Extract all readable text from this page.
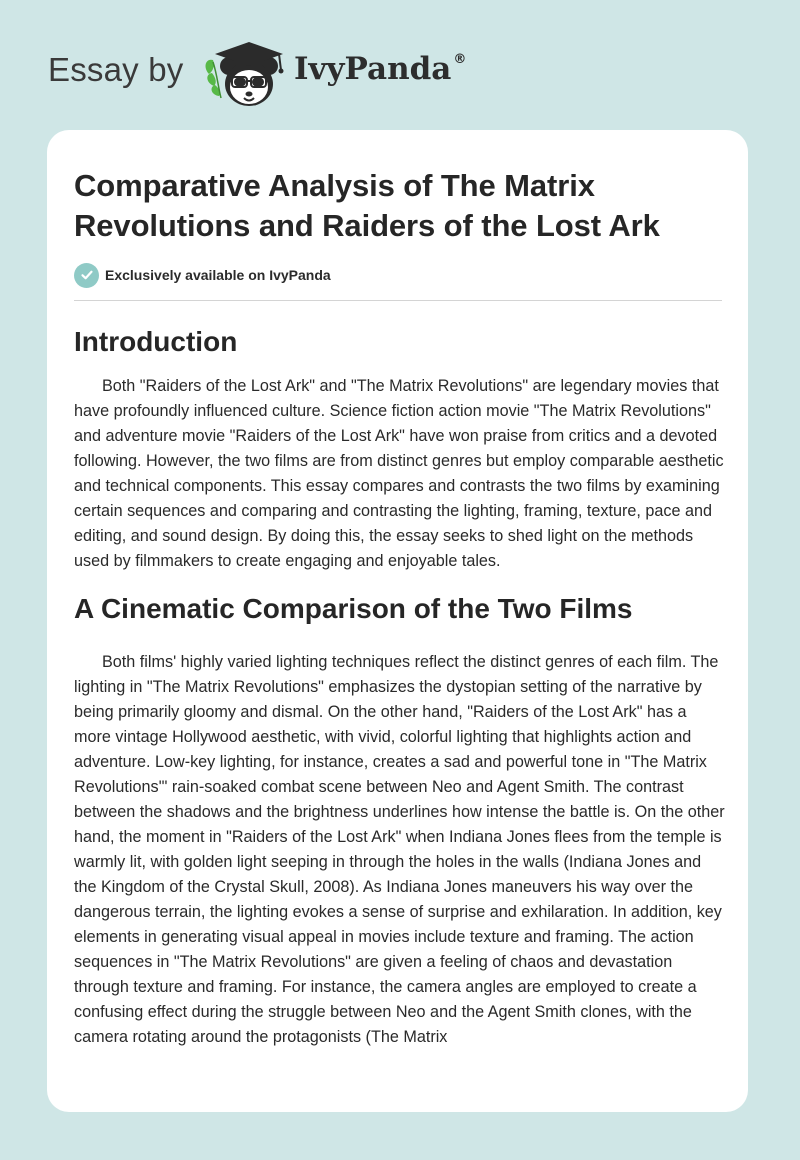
Essay by	IvyPanda ®
Comparative Analysis of The Matrix Revolutions and Raiders of the Lost Ark
Exclusively available on IvyPanda
Introduction

Both "Raiders of the Lost Ark" and "The Matrix Revolutions" are legendary movies that have profoundly influenced culture. Science fiction action movie "The Matrix Revolutions" and adventure movie "Raiders of the Lost Ark" have won praise from critics and a devoted following. However, the two films are from distinct genres but employ comparable aesthetic and technical components. This essay compares and contrasts the two films by examining certain sequences and comparing and contrasting the lighting, framing, texture, pace and editing, and sound design. By doing this, the essay seeks to shed light on the methods used by filmmakers to create engaging and enjoyable tales.

A Cinematic Comparison of the Two Films

Both films' highly varied lighting techniques reflect the distinct genres of each film. The lighting in "The Matrix Revolutions" emphasizes the dystopian setting of the narrative by being primarily gloomy and dismal. On the other hand, "Raiders of the Lost Ark" has a more vintage Hollywood aesthetic, with vivid, colorful lighting that highlights action and adventure. Low-key lighting, for instance, creates a sad and powerful tone in "The Matrix Revolutions'" rain-soaked combat scene between Neo and Agent Smith. The contrast between the shadows and the brightness underlines how intense the battle is. On the other hand, the moment in "Raiders of the Lost Ark" when Indiana Jones flees from the temple is warmly lit, with golden light seeping in through the holes in the walls (Indiana Jones and the Kingdom of the Crystal Skull, 2008). As Indiana Jones maneuvers his way over the dangerous terrain, the lighting evokes a sense of surprise and exhilaration. In addition, key elements in generating visual appeal in movies include texture and framing. The action sequences in "The Matrix Revolutions" are given a feeling of chaos and devastation through texture and framing. For instance, the camera angles are employed to create a confusing effect during the struggle between Neo and the Agent Smith clones, with the camera rotating around the protagonists (The Matrix
